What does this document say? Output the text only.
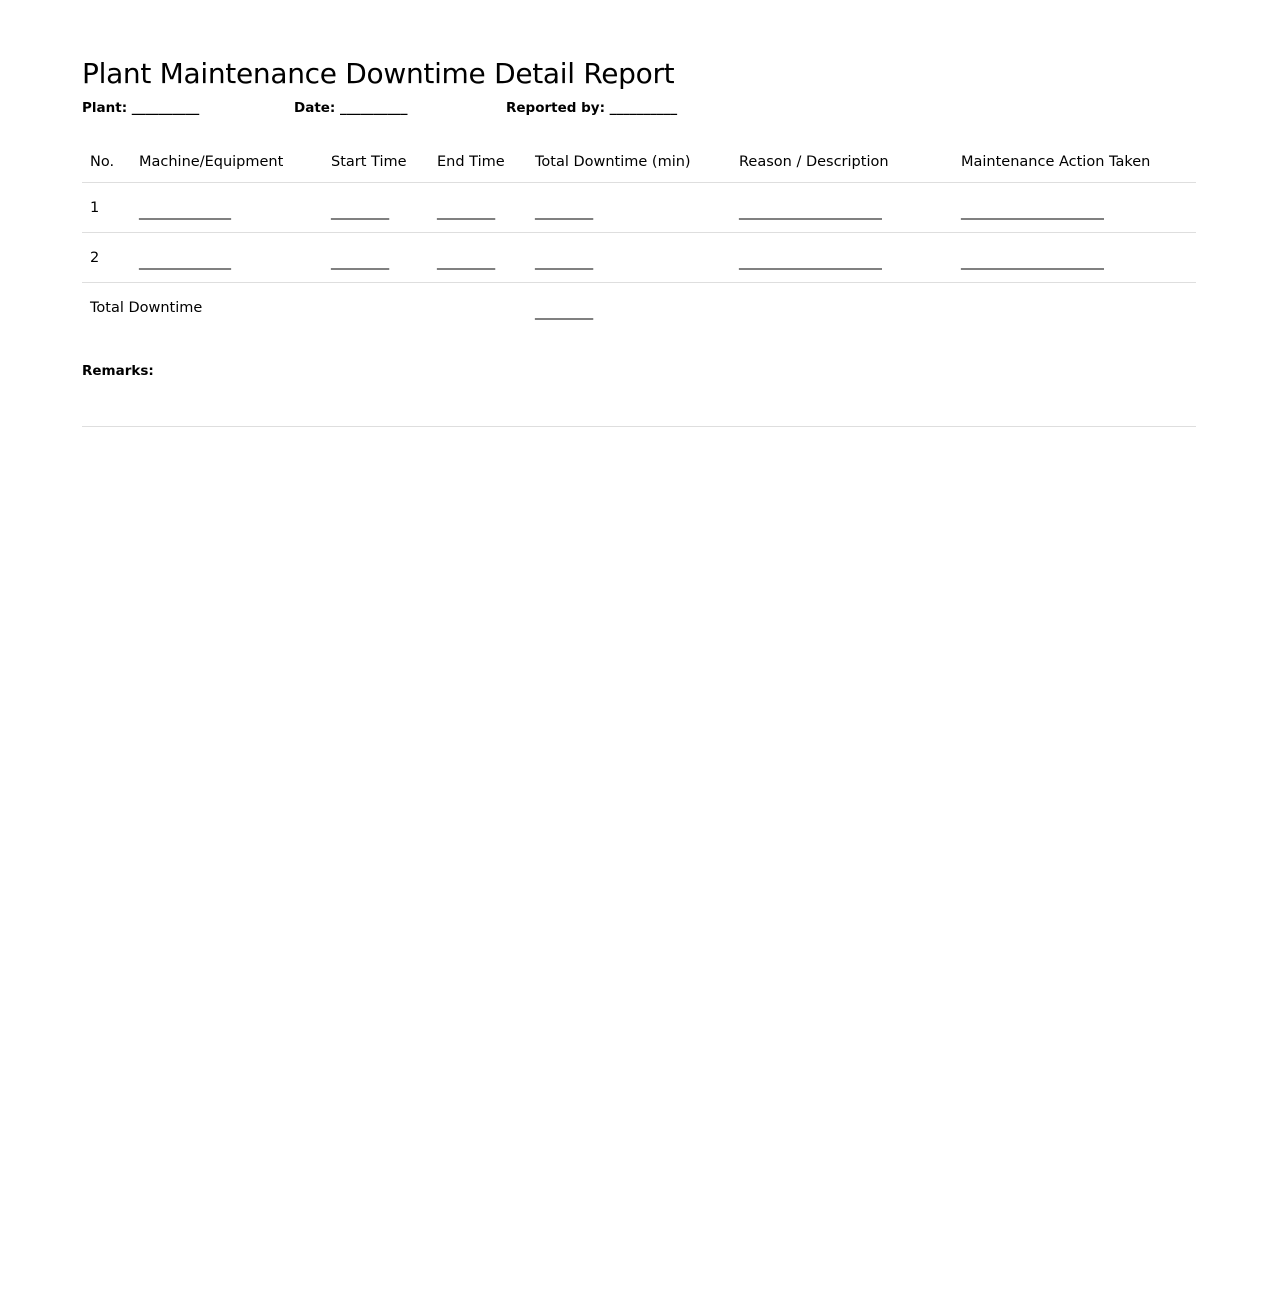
Plant Maintenance Downtime Detail Report
Plant: __________	Date: __________	Reported by: __________
No.	Machine/Equipment	Start Time	End Time	Total Downtime (min)	Reason / Description	Maintenance Action Taken
1	________________	__________	__________	__________	_________________________	_________________________
2	________________	__________	__________	__________	_________________________	_________________________
Total Downtime				__________		
Remarks:
